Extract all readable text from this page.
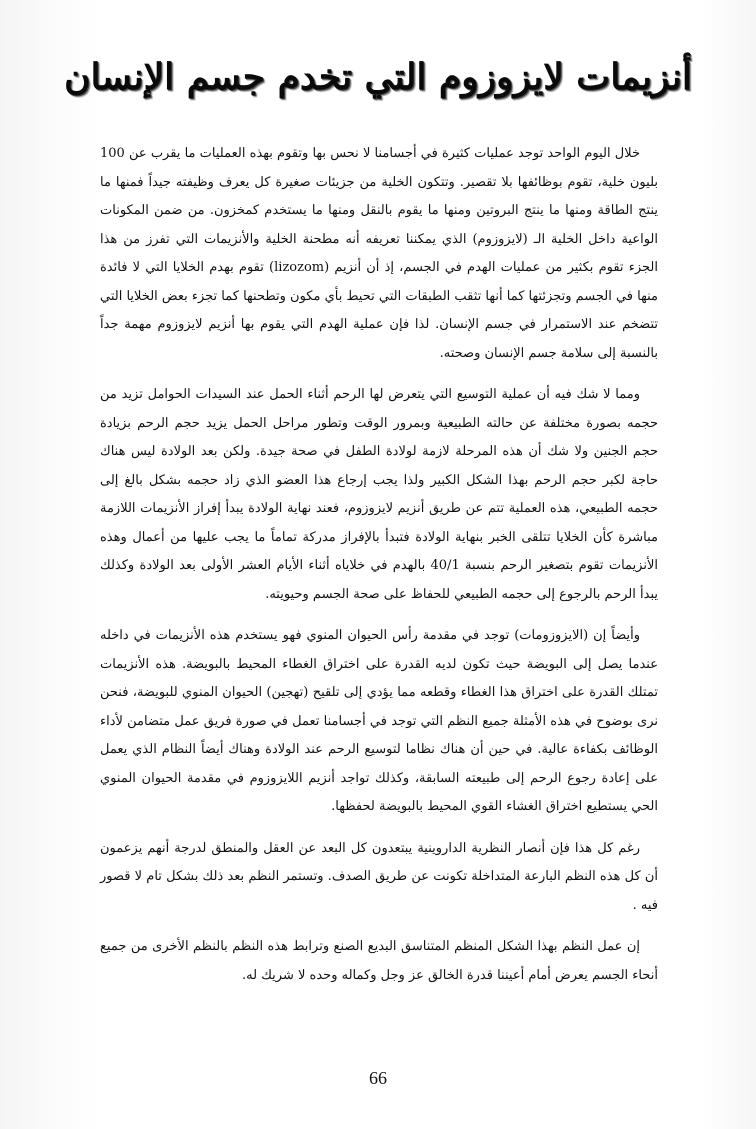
أنزيمات لايزوزوم التي تخدم جسم الإنسان

خلال اليوم الواحد توجد عمليات كثيرة في أجسامنا لا نحس بها وتقوم بهذه العمليات ما يقرب عن 100 بليون خلية، تقوم بوظائفها بلا تقصير. وتتكون الخلية من جزيئات صغيرة كل يعرف وظيفته جيداً فمنها ما ينتج الطاقة ومنها ما ينتج البروتين ومنها ما يقوم بالنقل ومنها ما يستخدم كمخزون. من ضمن المكونات الواعية داخل الخلية الـ (لايزوزوم) الذي يمكننا تعريفه أنه مطحنة الخلية والأنزيمات التي تفرز من هذا الجزء تقوم بكثير من عمليات الهدم في الجسم، إذ أن أنزيم (lizozom) تقوم بهدم الخلايا التي لا فائدة منها في الجسم وتجزئتها كما أنها تثقب الطبقات التي تحيط بأي مكون وتطحنها كما تجزء بعض الخلايا التي تتضخم عند الاستمرار في جسم الإنسان. لذا فإن عملية الهدم التي يقوم بها أنزيم لايزوزوم مهمة جداً بالنسبة إلى سلامة جسم الإنسان وصحته.

ومما لا شك فيه أن عملية التوسيع التي يتعرض لها الرحم أثناء الحمل عند السيدات الحوامل تزيد من حجمه بصورة مختلفة عن حالته الطبيعية وبمرور الوقت وتطور مراحل الحمل يزيد حجم الرحم بزيادة حجم الجنين ولا شك أن هذه المرحلة لازمة لولادة الطفل في صحة جيدة. ولكن بعد الولادة ليس هناك حاجة لكبر حجم الرحم بهذا الشكل الكبير ولذا يجب إرجاع هذا العضو الذي زاد حجمه بشكل بالغ إلى حجمه الطبيعي، هذه العملية تتم عن طريق أنزيم لايزوزوم، فعند نهاية الولادة يبدأ إفراز الأنزيمات اللازمة مباشرة كأن الخلايا تتلقى الخبر بنهاية الولادة فتبدأ بالإفراز مدركة تماماً ما يجب عليها من أعمال وهذه الأنزيمات تقوم بتصغير الرحم بنسبة 40/1 بالهدم في خلاياه أثناء الأيام العشر الأولى بعد الولادة وكذلك يبدأ الرحم بالرجوع إلى حجمه الطبيعي للحفاظ على صحة الجسم وحيويته.

وأيضاً إن (الايزوزومات) توجد في مقدمة رأس الحيوان المنوي فهو يستخدم هذه الأنزيمات في داخله عندما يصل إلى البويضة حيث تكون لديه القدرة على اختراق الغطاء المحيط بالبويضة. هذه الأنزيمات تمتلك القدرة على اختراق هذا الغطاء وقطعه مما يؤدي إلى تلقيح (تهجين) الحيوان المنوي للبويضة، فنحن نرى بوضوح في هذه الأمثلة جميع النظم التي توجد في أجسامنا تعمل في صورة فريق عمل متضامن لأداء الوظائف بكفاءة عالية. في حين أن هناك نظاما لتوسيع الرحم عند الولادة وهناك أيضاً النظام الذي يعمل على إعادة رجوع الرحم إلى طبيعته السابقة، وكذلك تواجد أنزيم اللايزوزوم في مقدمة الحيوان المنوي الحي يستطيع اختراق الغشاء القوي المحيط بالبويضة لحفظها.

رغم كل هذا فإن أنصار النظرية الداروينية يبتعدون كل البعد عن العقل والمنطق لدرجة أنهم يزعمون أن كل هذه النظم البارعة المتداخلة تكونت عن طريق الصدف. وتستمر النظم بعد ذلك بشكل تام لا قصور فيه .

إن عمل النظم بهذا الشكل المنظم المتناسق البديع الصنع وترابط هذه النظم بالنظم الأخرى من جميع أنحاء الجسم يعرض أمام أعيننا قدرة الخالق عز وجل وكماله وحده لا شريك له.

66
